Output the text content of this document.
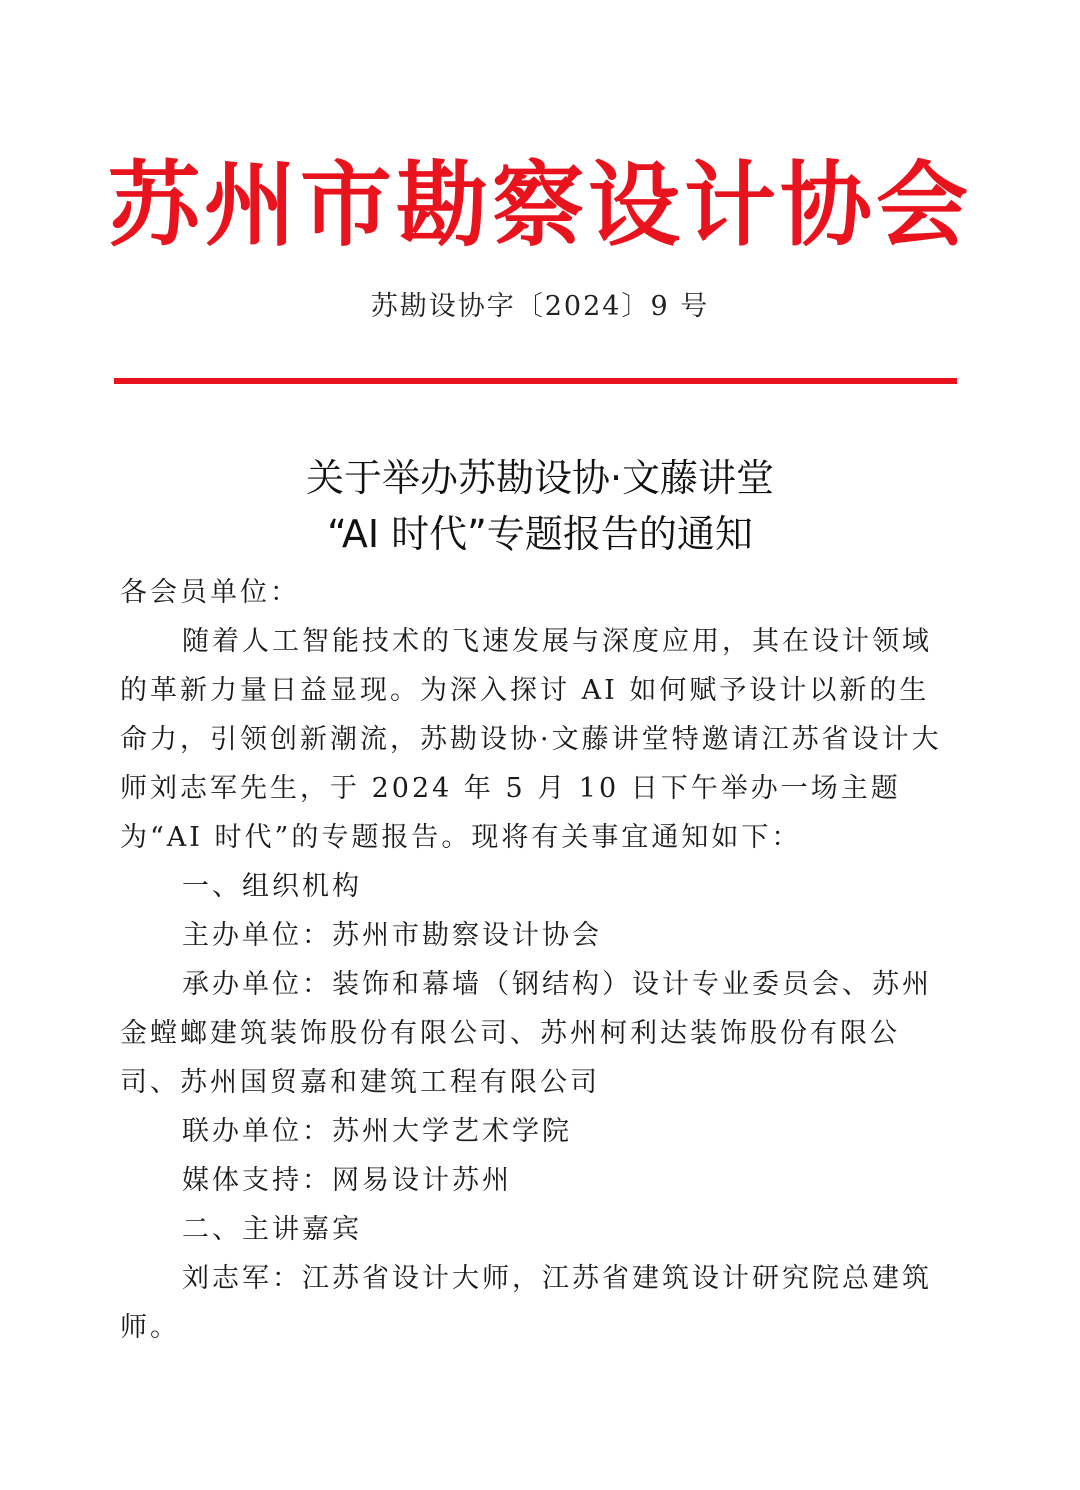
苏州市勘察设计协会
苏勘设协字〔2024〕9 号
关于举办苏勘设协·文藤讲堂
“AI 时代”专题报告的通知

各会员单位：

随着人工智能技术的飞速发展与深度应用，其在设计领域的革新力量日益显现。为深入探讨 AI 如何赋予设计以新的生命力，引领创新潮流，苏勘设协·文藤讲堂特邀请江苏省设计大师刘志军先生，于 2024 年 5 月 10 日下午举办一场主题为“AI 时代”的专题报告。现将有关事宜通知如下：

一、组织机构

主办单位：苏州市勘察设计协会

承办单位：装饰和幕墙（钢结构）设计专业委员会、苏州金螳螂建筑装饰股份有限公司、苏州柯利达装饰股份有限公司、苏州国贸嘉和建筑工程有限公司

联办单位：苏州大学艺术学院

媒体支持：网易设计苏州

二、主讲嘉宾

刘志军：江苏省设计大师，江苏省建筑设计研究院总建筑师。
